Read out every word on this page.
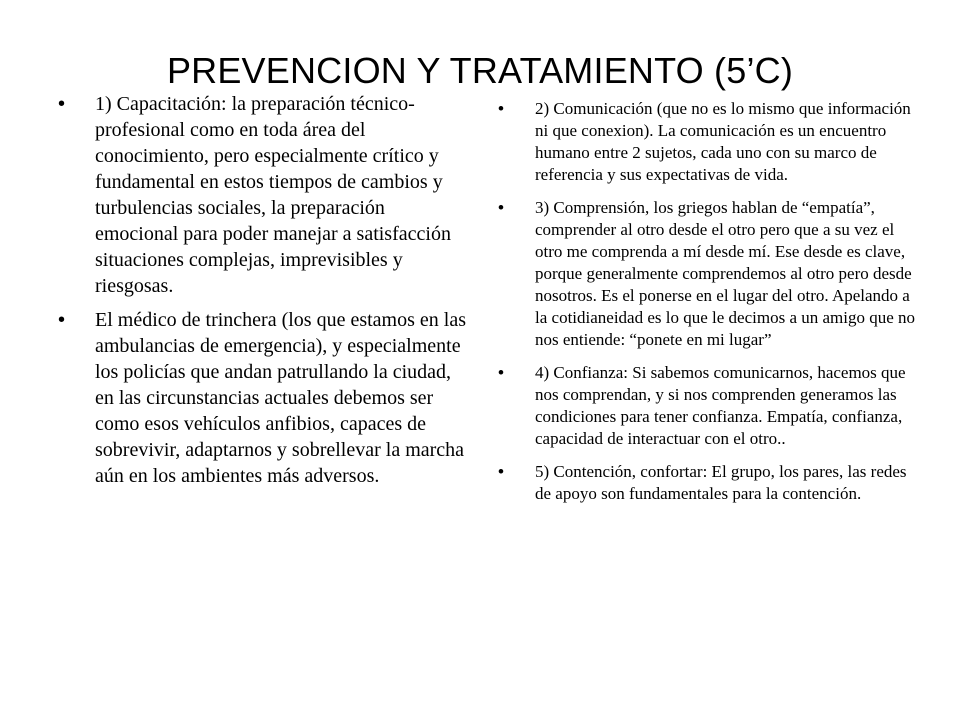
PREVENCION Y TRATAMIENTO (5’C)
• 1) Capacitación: la preparación técnico-profesional como en toda área del conocimiento, pero especialmente crítico y fundamental en estos tiempos de cambios y turbulencias sociales, la preparación emocional para poder manejar a satisfacción situaciones complejas, imprevisibles y riesgosas.
• El médico de trinchera (los que estamos en las ambulancias de emergencia), y especialmente los policías que andan patrullando la ciudad, en las circunstancias actuales debemos ser como esos vehículos anfibios, capaces de sobrevivir, adaptarnos y sobrellevar la marcha aún en los ambientes más adversos.
• 2) Comunicación (que no es lo mismo que información ni que conexion). La comunicación es un encuentro humano entre 2 sujetos, cada uno con su marco de referencia y sus expectativas de vida.
• 3) Comprensión, los griegos hablan de “empatía”, comprender al otro desde el otro pero que a su vez el otro me comprenda a mí desde mí. Ese desde es clave, porque generalmente comprendemos al otro pero desde nosotros. Es el ponerse en el lugar del otro. Apelando a la cotidianeidad es lo que le decimos a un amigo que no nos entiende: “ponete en mi lugar”
• 4) Confianza: Si sabemos comunicarnos, hacemos que nos comprendan, y si nos comprenden generamos las condiciones para tener confianza. Empatía, confianza, capacidad de interactuar con el otro..
• 5) Contención, confortar: El grupo, los pares, las redes de apoyo son fundamentales para la contención.
